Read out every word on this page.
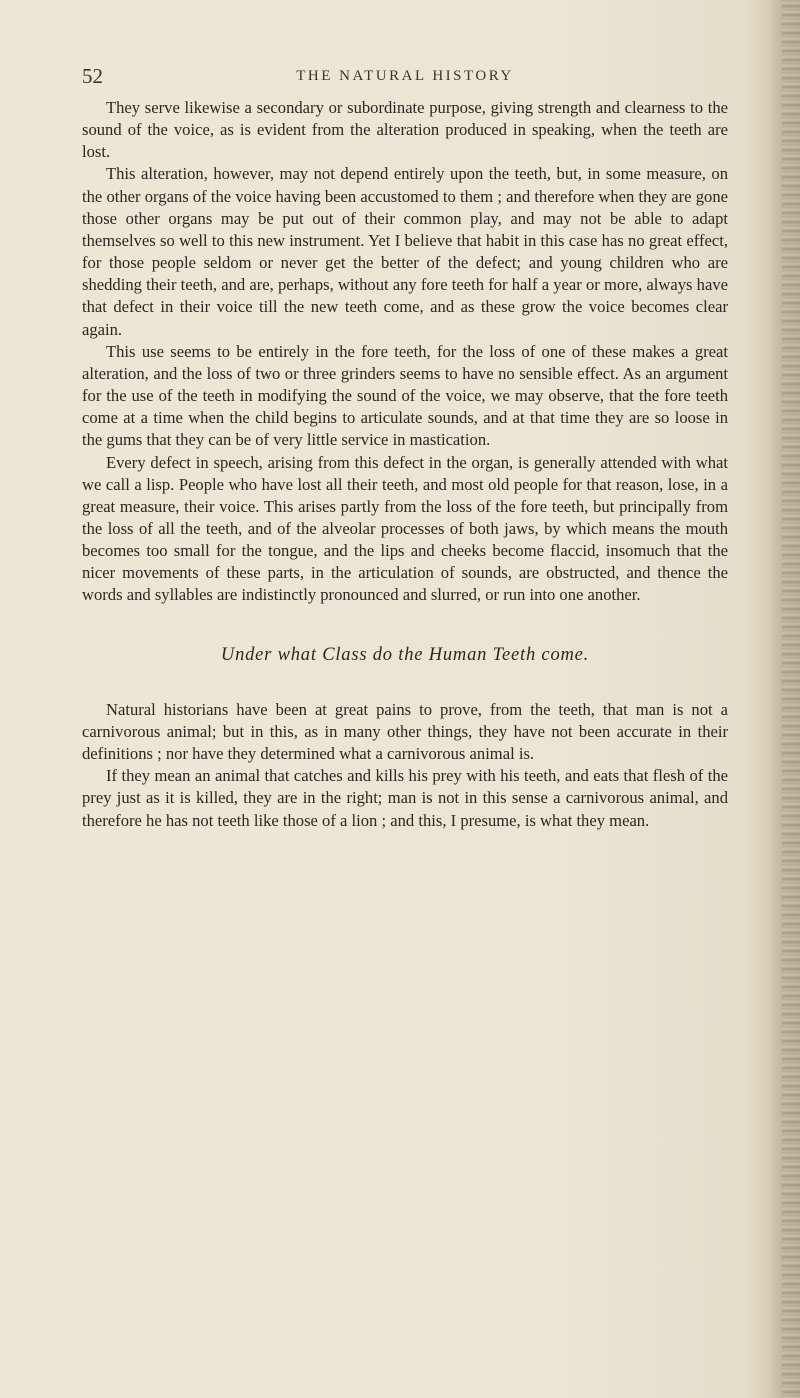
52	THE NATURAL HISTORY

They serve likewise a secondary or subordinate purpose, giving strength and clearness to the sound of the voice, as is evident from the alteration produced in speaking, when the teeth are lost.

This alteration, however, may not depend entirely upon the teeth, but, in some measure, on the other organs of the voice having been accustomed to them ; and therefore when they are gone those other organs may be put out of their common play, and may not be able to adapt themselves so well to this new instrument. Yet I believe that habit in this case has no great effect, for those people seldom or never get the better of the defect; and young children who are shedding their teeth, and are, perhaps, without any fore teeth for half a year or more, always have that defect in their voice till the new teeth come, and as these grow the voice becomes clear again.

This use seems to be entirely in the fore teeth, for the loss of one of these makes a great alteration, and the loss of two or three grinders seems to have no sensible effect. As an argument for the use of the teeth in modifying the sound of the voice, we may observe, that the fore teeth come at a time when the child begins to articulate sounds, and at that time they are so loose in the gums that they can be of very little service in mastication.

Every defect in speech, arising from this defect in the organ, is generally attended with what we call a lisp. People who have lost all their teeth, and most old people for that reason, lose, in a great measure, their voice. This arises partly from the loss of the fore teeth, but principally from the loss of all the teeth, and of the alveolar processes of both jaws, by which means the mouth becomes too small for the tongue, and the lips and cheeks become flaccid, insomuch that the nicer movements of these parts, in the articulation of sounds, are obstructed, and thence the words and syllables are indistinctly pronounced and slurred, or run into one another.

Under what Class do the Human Teeth come.

Natural historians have been at great pains to prove, from the teeth, that man is not a carnivorous animal; but in this, as in many other things, they have not been accurate in their definitions ; nor have they determined what a carnivorous animal is.

If they mean an animal that catches and kills his prey with his teeth, and eats that flesh of the prey just as it is killed, they are in the right; man is not in this sense a carnivorous animal, and therefore he has not teeth like those of a lion ; and this, I presume, is what they mean.
